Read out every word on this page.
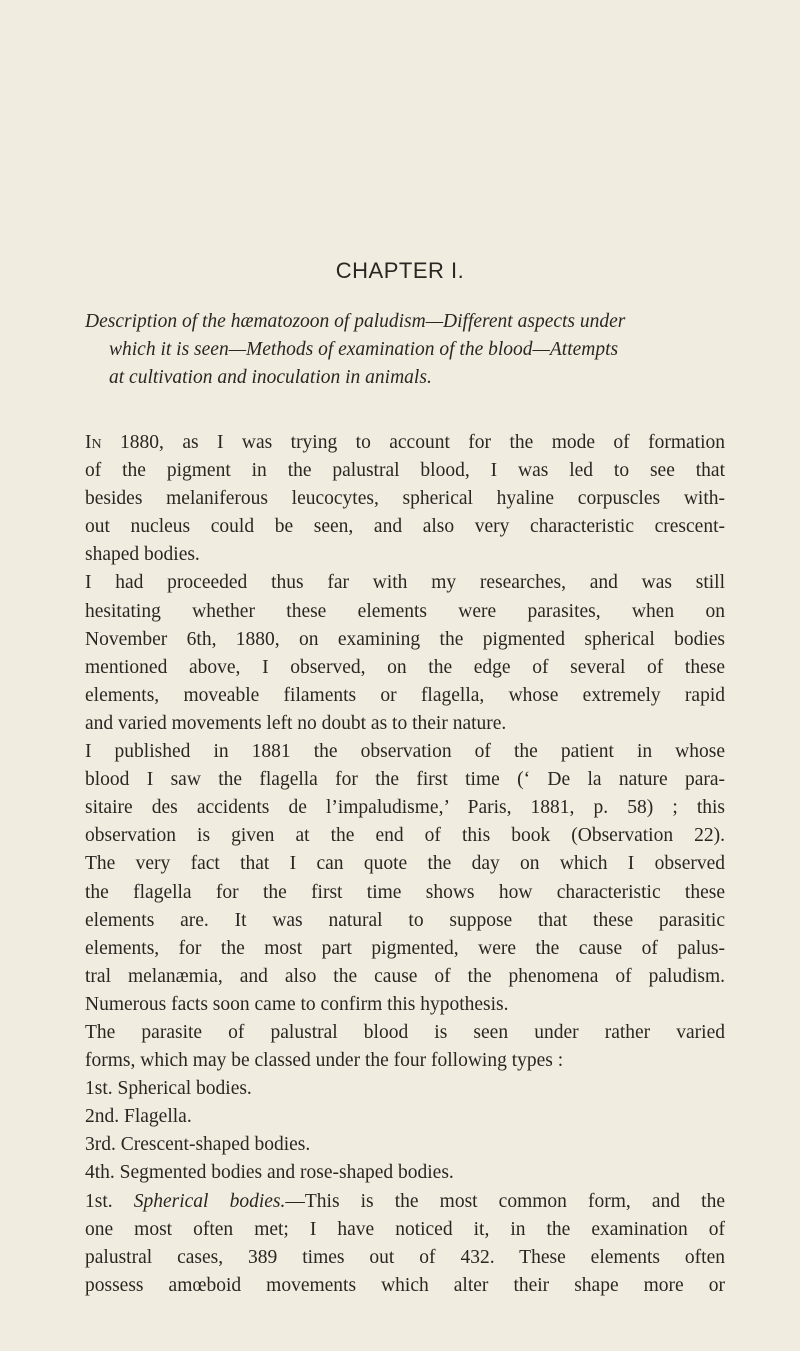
CHAPTER I.
Description of the hæmatozoon of paludism—Different aspects under
which it is seen—Methods of examination of the blood—Attempts
at cultivation and inoculation in animals.
In 1880, as I was trying to account for the mode of formation
of the pigment in the palustral blood, I was led to see that
besides melaniferous leucocytes, spherical hyaline corpuscles with-
out nucleus could be seen, and also very characteristic crescent-
shaped bodies.
I had proceeded thus far with my researches, and was still
hesitating whether these elements were parasites, when on
November 6th, 1880, on examining the pigmented spherical bodies
mentioned above, I observed, on the edge of several of these
elements, moveable filaments or flagella, whose extremely rapid
and varied movements left no doubt as to their nature.
I published in 1881 the observation of the patient in whose
blood I saw the flagella for the first time (‘ De la nature para-
sitaire des accidents de l’impaludisme,’ Paris, 1881, p. 58) ; this
observation is given at the end of this book (Observation 22).
The very fact that I can quote the day on which I observed
the flagella for the first time shows how characteristic these
elements are. It was natural to suppose that these parasitic
elements, for the most part pigmented, were the cause of palus-
tral melanæmia, and also the cause of the phenomena of paludism.
Numerous facts soon came to confirm this hypothesis.
The parasite of palustral blood is seen under rather varied
forms, which may be classed under the four following types :
1st. Spherical bodies.
2nd. Flagella.
3rd. Crescent-shaped bodies.
4th. Segmented bodies and rose-shaped bodies.
1st. Spherical bodies.—This is the most common form, and the
one most often met; I have noticed it, in the examination of
palustral cases, 389 times out of 432. These elements often
possess amœboid movements which alter their shape more or
